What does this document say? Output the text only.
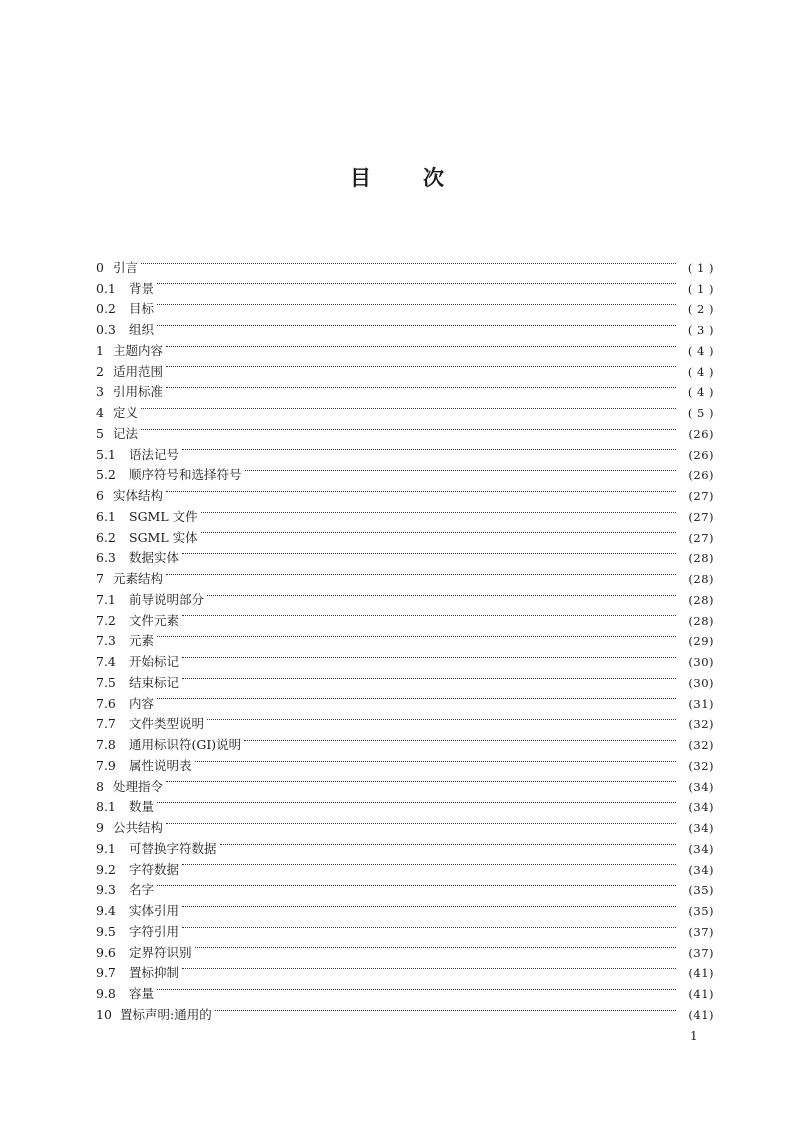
目 次
0 引言	( 1 )
0.1	背景	( 1 )
0.2	目标	( 2 )
0.3	组织	( 3 )
1 主题内容	( 4 )
2 适用范围	( 4 )
3 引用标准	( 4 )
4 定义	( 5 )
5 记法	(26)
5.1	语法记号	(26)
5.2	顺序符号和选择符号	(26)
6 实体结构	(27)
6.1	SGML 文件	(27)
6.2	SGML 实体	(27)
6.3	数据实体	(28)
7 元素结构	(28)
7.1	前导说明部分	(28)
7.2	文件元素	(28)
7.3	元素	(29)
7.4	开始标记	(30)
7.5	结束标记	(30)
7.6	内容	(31)
7.7	文件类型说明	(32)
7.8	通用标识符(GI)说明	(32)
7.9	属性说明表	(32)
8 处理指令	(34)
8.1	数量	(34)
9 公共结构	(34)
9.1	可替换字符数据	(34)
9.2	字符数据	(34)
9.3	名字	(35)
9.4	实体引用	(35)
9.5	字符引用	(37)
9.6	定界符识别	(37)
9.7	置标抑制	(41)
9.8	容量	(41)
10 置标声明:通用的	(41)
1
